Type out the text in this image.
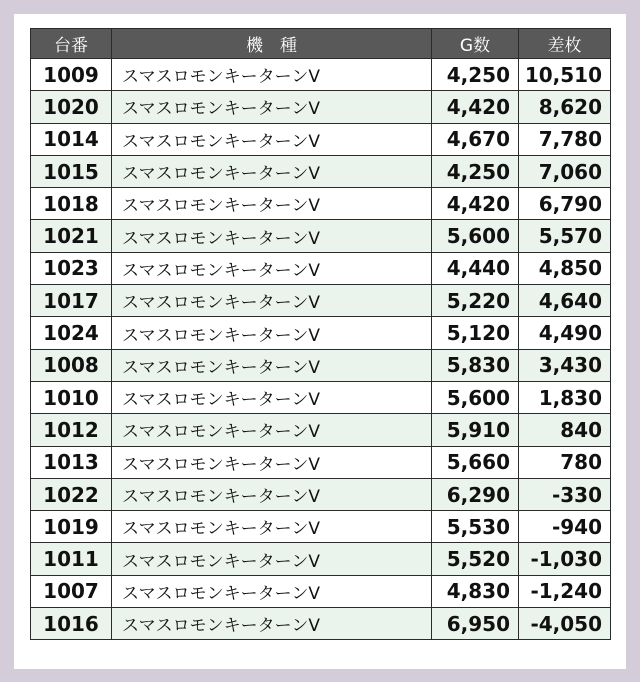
台番	機　種	G数	差枚
1009	スマスロモンキーターンV	4,250	10,510
1020	スマスロモンキーターンV	4,420	8,620
1014	スマスロモンキーターンV	4,670	7,780
1015	スマスロモンキーターンV	4,250	7,060
1018	スマスロモンキーターンV	4,420	6,790
1021	スマスロモンキーターンV	5,600	5,570
1023	スマスロモンキーターンV	4,440	4,850
1017	スマスロモンキーターンV	5,220	4,640
1024	スマスロモンキーターンV	5,120	4,490
1008	スマスロモンキーターンV	5,830	3,430
1010	スマスロモンキーターンV	5,600	1,830
1012	スマスロモンキーターンV	5,910	840
1013	スマスロモンキーターンV	5,660	780
1022	スマスロモンキーターンV	6,290	-330
1019	スマスロモンキーターンV	5,530	-940
1011	スマスロモンキーターンV	5,520	-1,030
1007	スマスロモンキーターンV	4,830	-1,240
1016	スマスロモンキーターンV	6,950	-4,050
